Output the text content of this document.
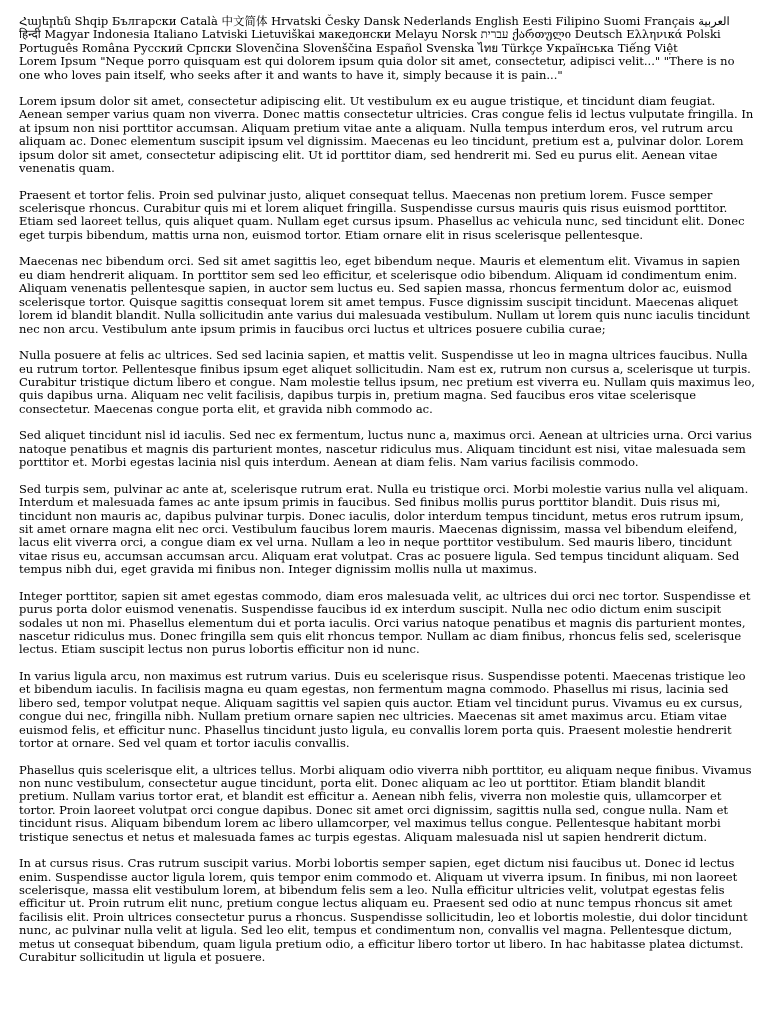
Հայերեն Shqip Български Català 中文简体 Hrvatski Česky Dansk Nederlands English Eesti Filipino Suomi Français العربية हिन्दी Magyar Indonesia Italiano Latviski Lietuviškai македонски Melayu Norsk עברית ქართული Deutsch Ελληνικά Polski Português Româna Русский Српски Slovenčina Slovenščina Español Svenska ไทย Türkçe Українська Tiếng Việt
Lorem Ipsum "Neque porro quisquam est qui dolorem ipsum quia dolor sit amet, consectetur, adipisci velit..." "There is no one who loves pain itself, who seeks after it and wants to have it, simply because it is pain..."

Lorem ipsum dolor sit amet, consectetur adipiscing elit. Ut vestibulum ex eu augue tristique, et tincidunt diam feugiat. Aenean semper varius quam non viverra. Donec mattis consectetur ultricies. Cras congue felis id lectus vulputate fringilla. In at ipsum non nisi porttitor accumsan. Aliquam pretium vitae ante a aliquam. Nulla tempus interdum eros, vel rutrum arcu aliquam ac. Donec elementum suscipit ipsum vel dignissim. Maecenas eu leo tincidunt, pretium est a, pulvinar dolor. Lorem ipsum dolor sit amet, consectetur adipiscing elit. Ut id porttitor diam, sed hendrerit mi. Sed eu purus elit. Aenean vitae venenatis quam.

Praesent et tortor felis. Proin sed pulvinar justo, aliquet consequat tellus. Maecenas non pretium lorem. Fusce semper scelerisque rhoncus. Curabitur quis mi et lorem aliquet fringilla. Suspendisse cursus mauris quis risus euismod porttitor. Etiam sed laoreet tellus, quis aliquet quam. Nullam eget cursus ipsum. Phasellus ac vehicula nunc, sed tincidunt elit. Donec eget turpis bibendum, mattis urna non, euismod tortor. Etiam ornare elit in risus scelerisque pellentesque.

Maecenas nec bibendum orci. Sed sit amet sagittis leo, eget bibendum neque. Mauris et elementum elit. Vivamus in sapien eu diam hendrerit aliquam. In porttitor sem sed leo efficitur, et scelerisque odio bibendum. Aliquam id condimentum enim. Aliquam venenatis pellentesque sapien, in auctor sem luctus eu. Sed sapien massa, rhoncus fermentum dolor ac, euismod scelerisque tortor. Quisque sagittis consequat lorem sit amet tempus. Fusce dignissim suscipit tincidunt. Maecenas aliquet lorem id blandit blandit. Nulla sollicitudin ante varius dui malesuada vestibulum. Nullam ut lorem quis nunc iaculis tincidunt nec non arcu. Vestibulum ante ipsum primis in faucibus orci luctus et ultrices posuere cubilia curae;

Nulla posuere at felis ac ultrices. Sed sed lacinia sapien, et mattis velit. Suspendisse ut leo in magna ultrices faucibus. Nulla eu rutrum tortor. Pellentesque finibus ipsum eget aliquet sollicitudin. Nam est ex, rutrum non cursus a, scelerisque ut turpis. Curabitur tristique dictum libero et congue. Nam molestie tellus ipsum, nec pretium est viverra eu. Nullam quis maximus leo, quis dapibus urna. Aliquam nec velit facilisis, dapibus turpis in, pretium magna. Sed faucibus eros vitae scelerisque consectetur. Maecenas congue porta elit, et gravida nibh commodo ac.

Sed aliquet tincidunt nisl id iaculis. Sed nec ex fermentum, luctus nunc a, maximus orci. Aenean at ultricies urna. Orci varius natoque penatibus et magnis dis parturient montes, nascetur ridiculus mus. Aliquam tincidunt est nisi, vitae malesuada sem porttitor et. Morbi egestas lacinia nisl quis interdum. Aenean at diam felis. Nam varius facilisis commodo.

Sed turpis sem, pulvinar ac ante at, scelerisque rutrum erat. Nulla eu tristique orci. Morbi molestie varius nulla vel aliquam. Interdum et malesuada fames ac ante ipsum primis in faucibus. Sed finibus mollis purus porttitor blandit. Duis risus mi, tincidunt non mauris ac, dapibus pulvinar turpis. Donec iaculis, dolor interdum tempus tincidunt, metus eros rutrum ipsum, sit amet ornare magna elit nec orci. Vestibulum faucibus lorem mauris. Maecenas dignissim, massa vel bibendum eleifend, lacus elit viverra orci, a congue diam ex vel urna. Nullam a leo in neque porttitor vestibulum. Sed mauris libero, tincidunt vitae risus eu, accumsan accumsan arcu. Aliquam erat volutpat. Cras ac posuere ligula. Sed tempus tincidunt aliquam. Sed tempus nibh dui, eget gravida mi finibus non. Integer dignissim mollis nulla ut maximus.

Integer porttitor, sapien sit amet egestas commodo, diam eros malesuada velit, ac ultrices dui orci nec tortor. Suspendisse et purus porta dolor euismod venenatis. Suspendisse faucibus id ex interdum suscipit. Nulla nec odio dictum enim suscipit sodales ut non mi. Phasellus elementum dui et porta iaculis. Orci varius natoque penatibus et magnis dis parturient montes, nascetur ridiculus mus. Donec fringilla sem quis elit rhoncus tempor. Nullam ac diam finibus, rhoncus felis sed, scelerisque lectus. Etiam suscipit lectus non purus lobortis efficitur non id nunc.

In varius ligula arcu, non maximus est rutrum varius. Duis eu scelerisque risus. Suspendisse potenti. Maecenas tristique leo et bibendum iaculis. In facilisis magna eu quam egestas, non fermentum magna commodo. Phasellus mi risus, lacinia sed libero sed, tempor volutpat neque. Aliquam sagittis vel sapien quis auctor. Etiam vel tincidunt purus. Vivamus eu ex cursus, congue dui nec, fringilla nibh. Nullam pretium ornare sapien nec ultricies. Maecenas sit amet maximus arcu. Etiam vitae euismod felis, et efficitur nunc. Phasellus tincidunt justo ligula, eu convallis lorem porta quis. Praesent molestie hendrerit tortor at ornare. Sed vel quam et tortor iaculis convallis.

Phasellus quis scelerisque elit, a ultrices tellus. Morbi aliquam odio viverra nibh porttitor, eu aliquam neque finibus. Vivamus non nunc vestibulum, consectetur augue tincidunt, porta elit. Donec aliquam ac leo ut porttitor. Etiam blandit blandit pretium. Nullam varius tortor erat, et blandit est efficitur a. Aenean nibh felis, viverra non molestie quis, ullamcorper et tortor. Proin laoreet volutpat orci congue dapibus. Donec sit amet orci dignissim, sagittis nulla sed, congue nulla. Nam et tincidunt risus. Aliquam bibendum lorem ac libero ullamcorper, vel maximus tellus congue. Pellentesque habitant morbi tristique senectus et netus et malesuada fames ac turpis egestas. Aliquam malesuada nisl ut sapien hendrerit dictum.

In at cursus risus. Cras rutrum suscipit varius. Morbi lobortis semper sapien, eget dictum nisi faucibus ut. Donec id lectus enim. Suspendisse auctor ligula lorem, quis tempor enim commodo et. Aliquam ut viverra ipsum. In finibus, mi non laoreet scelerisque, massa elit vestibulum lorem, at bibendum felis sem a leo. Nulla efficitur ultricies velit, volutpat egestas felis efficitur ut. Proin rutrum elit nunc, pretium congue lectus aliquam eu. Praesent sed odio at nunc tempus rhoncus sit amet facilisis elit. Proin ultrices consectetur purus a rhoncus. Suspendisse sollicitudin, leo et lobortis molestie, dui dolor tincidunt nunc, ac pulvinar nulla velit at ligula. Sed leo elit, tempus et condimentum non, convallis vel magna. Pellentesque dictum, metus ut consequat bibendum, quam ligula pretium odio, a efficitur libero tortor ut libero. In hac habitasse platea dictumst. Curabitur sollicitudin ut ligula et posuere.
